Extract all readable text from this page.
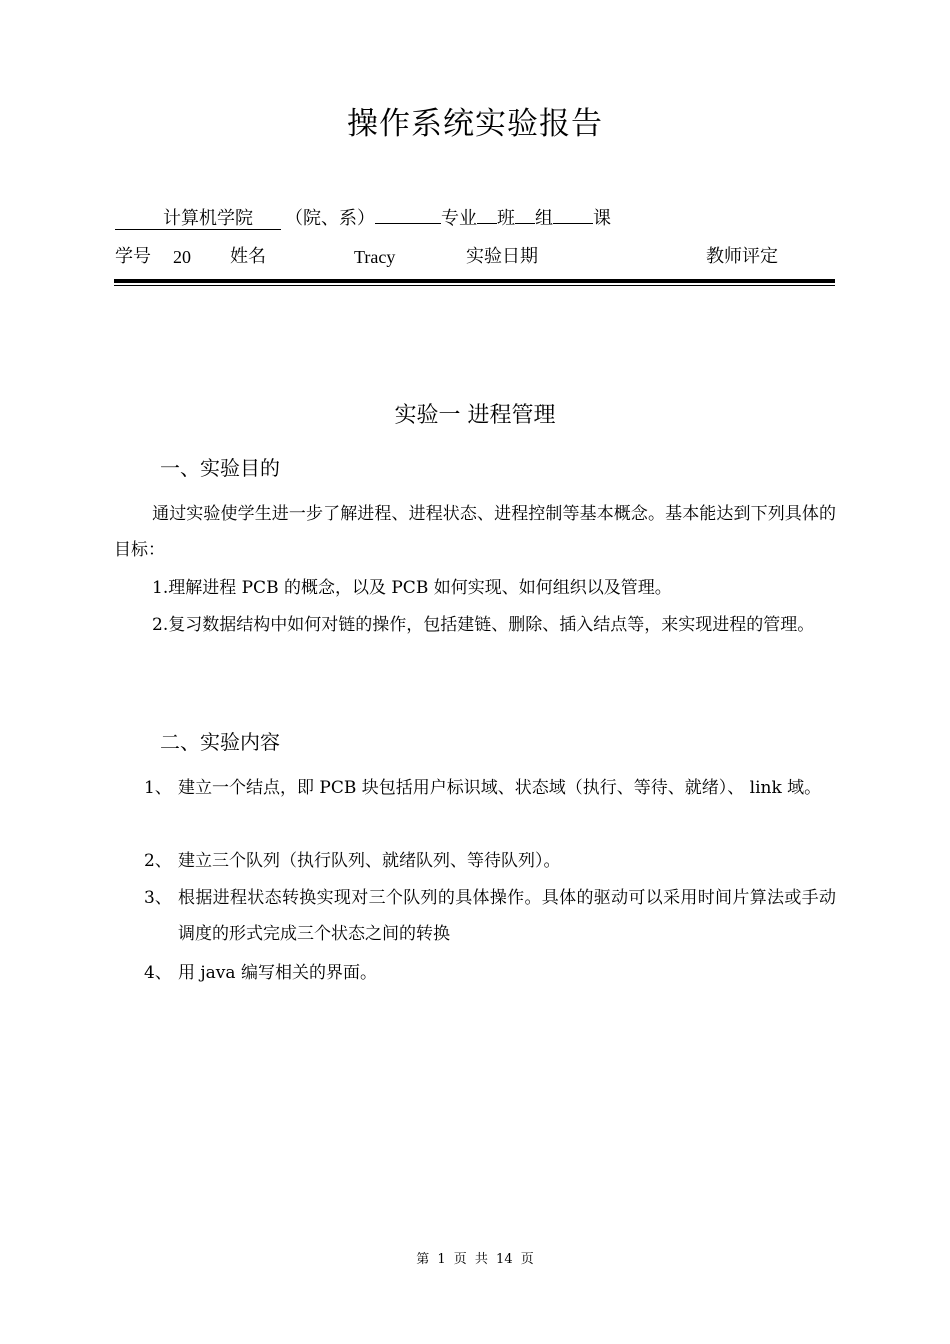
操作系统实验报告
计算机学院 （院、系）	专业 班 组 课
学号 20 姓名	Tracy	实验日期	教师评定
实验一 进程管理
一、实验目的
通过实验使学生进一步了解进程、进程状态、进程控制等基本概念。基本能达到下列具体的目标：
1.理解进程 PCB 的概念，以及 PCB 如何实现、如何组织以及管理。
2.复习数据结构中如何对链的操作，包括建链、删除、插入结点等，来实现进程的管理。
二、实验内容
1、 建立一个结点，即 PCB 块包括用户标识域、状态域（执行、等待、就绪）、 link 域。
2、 建立三个队列（执行队列、就绪队列、等待队列）。
3、 根据进程状态转换实现对三个队列的具体操作。具体的驱动可以采用时间片算法或手动调度的形式完成三个状态之间的转换
4、 用 java 编写相关的界面。
第 1 页 共 14 页
